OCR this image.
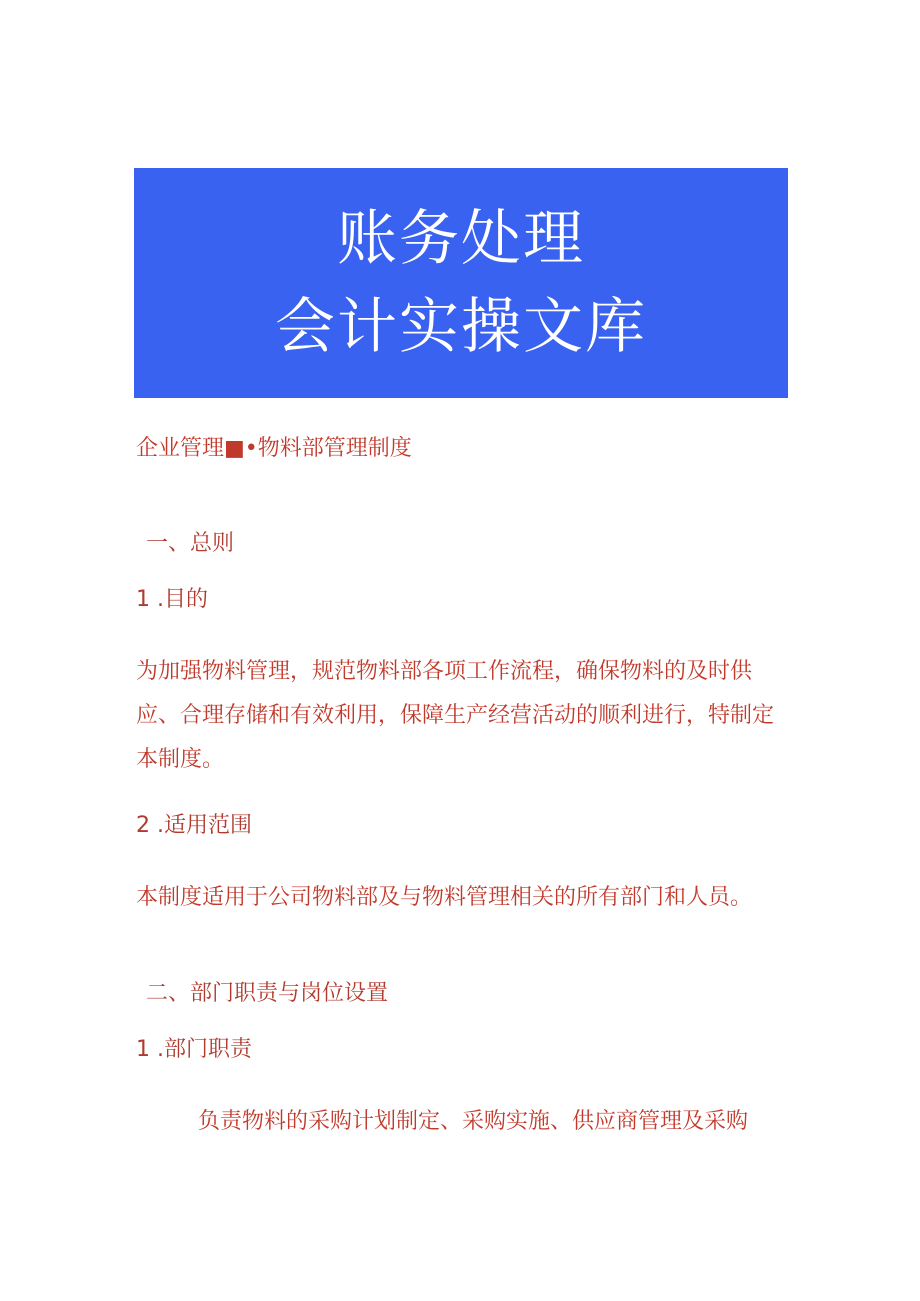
账务处理
会计实操文库
企业管理■•物料部管理制度
一、总则
1 .目的
为加强物料管理，规范物料部各项工作流程，确保物料的及时供应、合理存储和有效利用，保障生产经营活动的顺利进行，特制定本制度。
2 .适用范围
本制度适用于公司物料部及与物料管理相关的所有部门和人员。
二、部门职责与岗位设置
1 .部门职责
负责物料的采购计划制定、采购实施、供应商管理及采购
